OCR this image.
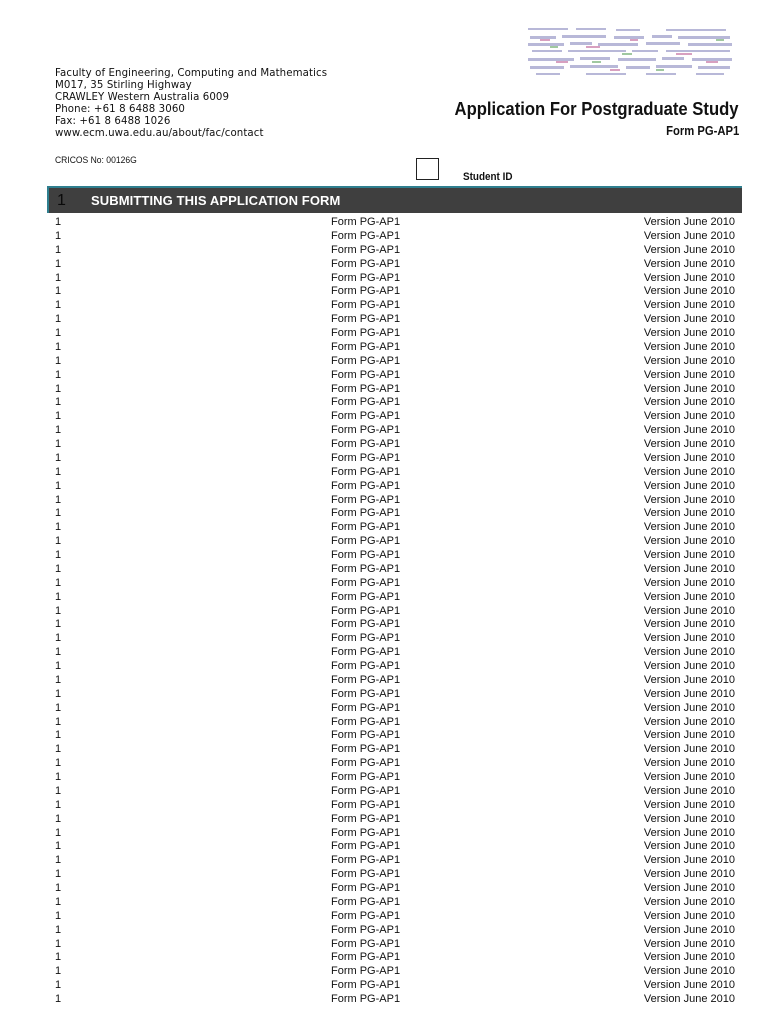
Faculty of Engineering, Computing and Mathematics
M017, 35 Stirling Highway
CRAWLEY Western Australia 6009
Phone: +61 8 6488 3060
Fax: +61 8 6488 1026
www.ecm.uwa.edu.au/about/fac/contact
Application For Postgraduate Study
Form PG-AP1
CRICOS No: 00126G
Student ID
1	SUBMITTING THIS APPLICATION FORM
1	Form PG-AP1	Version June 2010
1	Form PG-AP1	Version June 2010
1	Form PG-AP1	Version June 2010
1	Form PG-AP1	Version June 2010
1	Form PG-AP1	Version June 2010
1	Form PG-AP1	Version June 2010
1	Form PG-AP1	Version June 2010
1	Form PG-AP1	Version June 2010
1	Form PG-AP1	Version June 2010
1	Form PG-AP1	Version June 2010
1	Form PG-AP1	Version June 2010
1	Form PG-AP1	Version June 2010
1	Form PG-AP1	Version June 2010
1	Form PG-AP1	Version June 2010
1	Form PG-AP1	Version June 2010
1	Form PG-AP1	Version June 2010
1	Form PG-AP1	Version June 2010
1	Form PG-AP1	Version June 2010
1	Form PG-AP1	Version June 2010
1	Form PG-AP1	Version June 2010
1	Form PG-AP1	Version June 2010
1	Form PG-AP1	Version June 2010
1	Form PG-AP1	Version June 2010
1	Form PG-AP1	Version June 2010
1	Form PG-AP1	Version June 2010
1	Form PG-AP1	Version June 2010
1	Form PG-AP1	Version June 2010
1	Form PG-AP1	Version June 2010
1	Form PG-AP1	Version June 2010
1	Form PG-AP1	Version June 2010
1	Form PG-AP1	Version June 2010
1	Form PG-AP1	Version June 2010
1	Form PG-AP1	Version June 2010
1	Form PG-AP1	Version June 2010
1	Form PG-AP1	Version June 2010
1	Form PG-AP1	Version June 2010
1	Form PG-AP1	Version June 2010
1	Form PG-AP1	Version June 2010
1	Form PG-AP1	Version June 2010
1	Form PG-AP1	Version June 2010
1	Form PG-AP1	Version June 2010
1	Form PG-AP1	Version June 2010
1	Form PG-AP1	Version June 2010
1	Form PG-AP1	Version June 2010
1	Form PG-AP1	Version June 2010
1	Form PG-AP1	Version June 2010
1	Form PG-AP1	Version June 2010
1	Form PG-AP1	Version June 2010
1	Form PG-AP1	Version June 2010
1	Form PG-AP1	Version June 2010
1	Form PG-AP1	Version June 2010
1	Form PG-AP1	Version June 2010
1	Form PG-AP1	Version June 2010
1	Form PG-AP1	Version June 2010
1	Form PG-AP1	Version June 2010
1	Form PG-AP1	Version June 2010
1	Form PG-AP1	Version June 2010
